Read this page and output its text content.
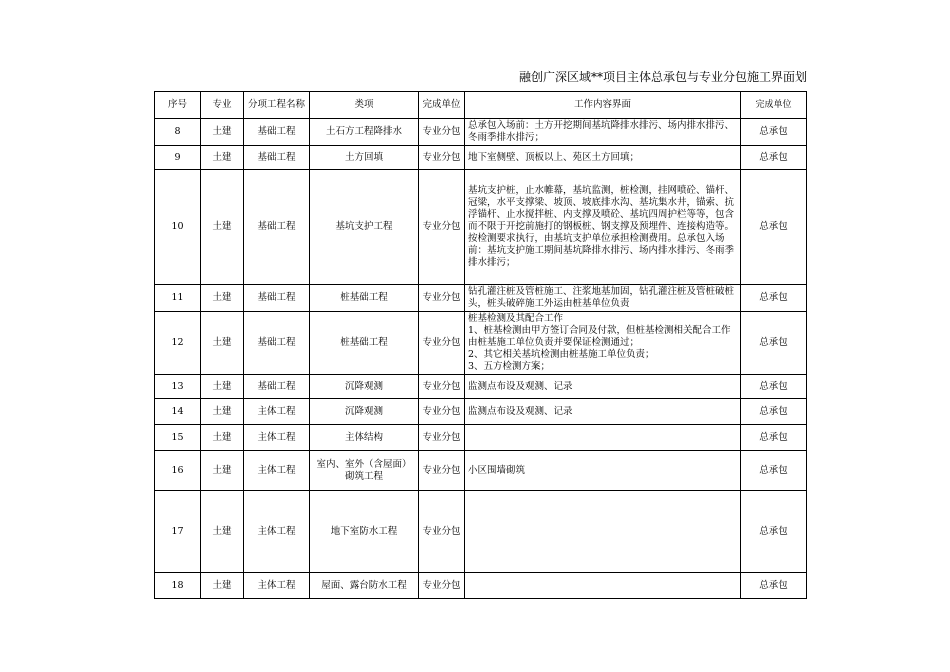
融创广深区域**项目主体总承包与专业分包施工界面划
序号	专业	分项工程名称	类项	完成单位	工作内容界面	完成单位
8	土建	基础工程	土石方工程降排水	专业分包	总承包入场前：土方开挖期间基坑降排水排污、场内排水排污、冬雨季排水排污；	总承包
9	土建	基础工程	土方回填	专业分包	地下室侧壁、顶板以上、苑区土方回填；	总承包
10	土建	基础工程	基坑支护工程	专业分包	基坑支护桩，止水帷幕，基坑监测，桩检测，挂网喷砼、锚杆、冠梁，水平支撑梁、坡顶、坡底排水沟、基坑集水井，锚索、抗浮锚杆、止水搅拌桩、内支撑及喷砼、基坑四周护栏等等，包含而不限于开挖前施打的钢板桩、钢支撑及预埋件、连接构造等。按检测要求执行，由基坑支护单位承担检测费用。总承包入场前：基坑支护施工期间基坑降排水排污、场内排水排污、冬雨季排水排污；	总承包
11	土建	基础工程	桩基础工程	专业分包	钻孔灌注桩及管桩施工、注浆地基加固，钻孔灌注桩及管桩破桩头，桩头破碎施工外运由桩基单位负责	总承包
12	土建	基础工程	桩基础工程	专业分包	桩基检测及其配合工作
1、桩基检测由甲方签订合同及付款，但桩基检测相关配合工作由桩基施工单位负责并要保证检测通过；
2、其它相关基坑检测由桩基施工单位负责；
3、五方检测方案；	总承包
13	土建	基础工程	沉降观测	专业分包	监测点布设及观测、记录	总承包
14	土建	主体工程	沉降观测	专业分包	监测点布设及观测、记录	总承包
15	土建	主体工程	主体结构	专业分包		总承包
16	土建	主体工程	室内、室外（含屋面）砌筑工程	专业分包	小区围墙砌筑	总承包
17	土建	主体工程	地下室防水工程	专业分包		总承包
18	土建	主体工程	屋面、露台防水工程	专业分包		总承包
